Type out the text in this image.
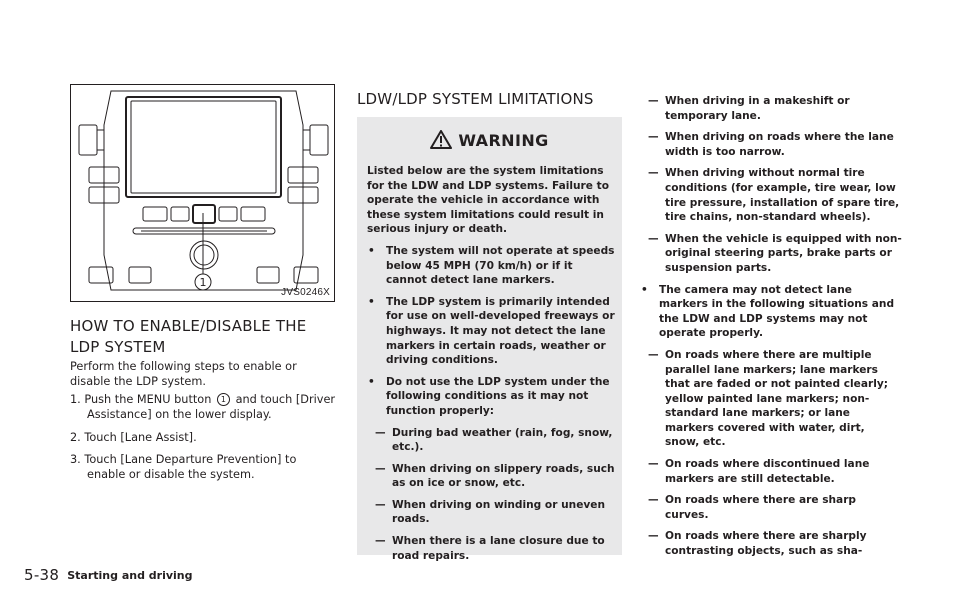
1
JVS0246X
HOW TO ENABLE/DISABLE THE LDP SYSTEM

Perform the following steps to enable or disable the LDP system.

1. Push the MENU button 1 and touch [Driver Assistance] on the lower display.
2. Touch [Lane Assist].
3. Touch [Lane Departure Prevention] to enable or disable the system.
LDW/LDP SYSTEM LIMITATIONS
WARNING

Listed below are the system limitations for the LDW and LDP systems. Failure to operate the vehicle in accordance with these system limitations could result in serious injury or death.

• The system will not operate at speeds below 45 MPH (70 km/h) or if it cannot detect lane markers.

• The LDP system is primarily intended for use on well-developed freeways or highways. It may not detect the lane markers in certain roads, weather or driving conditions.

• Do not use the LDP system under the following conditions as it may not function properly:

— During bad weather (rain, fog, snow, etc.).

— When driving on slippery roads, such as on ice or snow, etc.

— When driving on winding or uneven roads.

— When there is a lane closure due to road repairs.

— When driving in a makeshift or temporary lane.

— When driving on roads where the lane width is too narrow.

— When driving without normal tire conditions (for example, tire wear, low tire pressure, installation of spare tire, tire chains, non-standard wheels).

— When the vehicle is equipped with non-original steering parts, brake parts or suspension parts.

• The camera may not detect lane markers in the following situations and the LDW and LDP systems may not operate properly.

— On roads where there are multiple parallel lane markers; lane markers that are faded or not painted clearly; yellow painted lane markers; non-standard lane markers; or lane markers covered with water, dirt, snow, etc.

— On roads where discontinued lane markers are still detectable.

— On roads where there are sharp curves.

— On roads where there are sharply contrasting objects, such as sha-

5-38 Starting and driving
